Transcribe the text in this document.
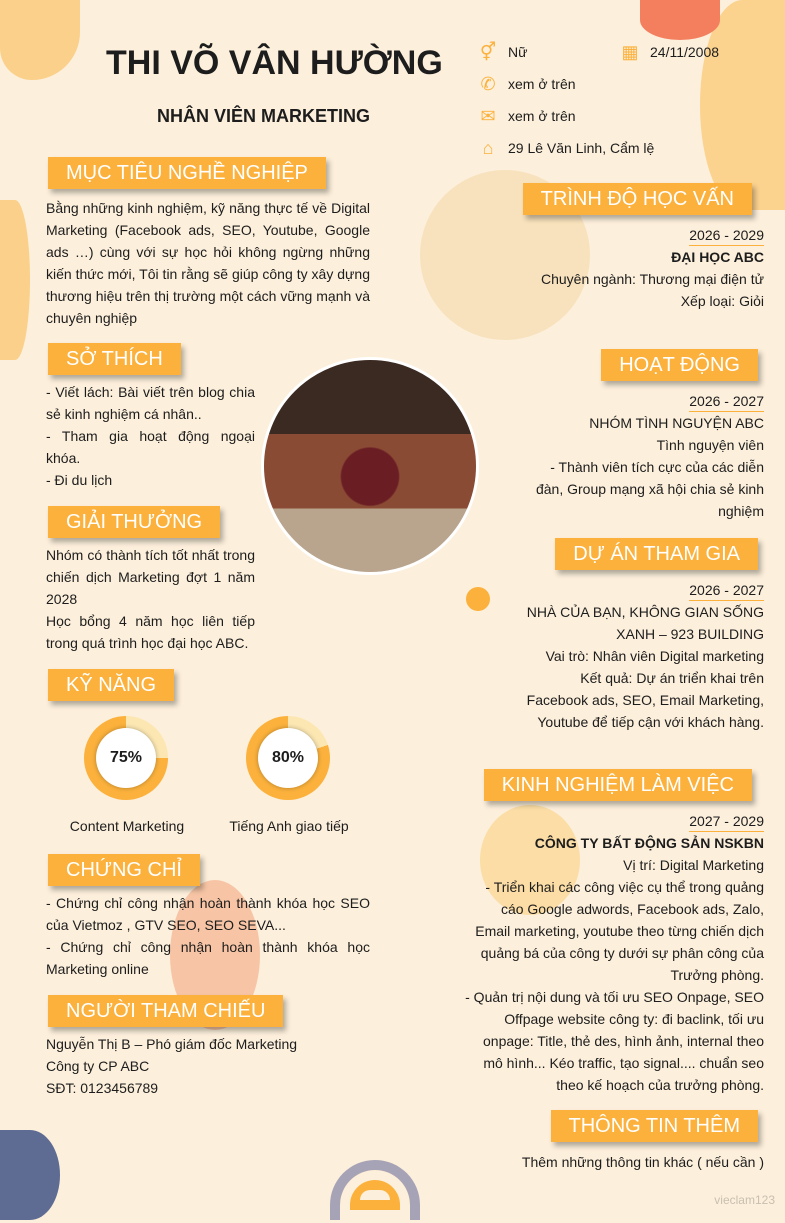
THI VÕ VÂN HƯỜNG
NHÂN VIÊN MARKETING
⚥ Nữ	▦ 24/11/2008
✆ xem ở trên
✉ xem ở trên
⌂	29 Lê Văn Linh, Cẩm lệ
MỤC TIÊU NGHỀ NGHIỆP
Bằng những kinh nghiệm, kỹ năng thực tế về Digital Marketing (Facebook ads, SEO, Youtube, Google ads …) cùng với sự học hỏi không ngừng những kiến thức mới, Tôi tin rằng sẽ giúp công ty xây dựng thương hiệu trên thị trường một cách vững mạnh và chuyên nghiệp
SỞ THÍCH
- Viết lách: Bài viết trên blog chia sẻ kinh nghiệm cá nhân..
- Tham gia hoạt động ngoại khóa.
- Đi du lịch
GIẢI THƯỞNG
Nhóm có thành tích tốt nhất trong chiến dịch Marketing đợt 1 năm 2028
Học bổng 4 năm học liên tiếp trong quá trình học đại học ABC.
KỸ NĂNG
75%	80%
Content Marketing	Tiếng Anh giao tiếp
CHỨNG CHỈ
- Chứng chỉ công nhận hoàn thành khóa học SEO của Vietmoz , GTV SEO, SEO SEVA...
- Chứng chỉ công nhận hoàn thành khóa học Marketing online
NGƯỜI THAM CHIẾU
Nguyễn Thị B – Phó giám đốc Marketing
Công ty CP ABC
SĐT: 0123456789
TRÌNH ĐỘ HỌC VẤN
2026 - 2029
ĐẠI HỌC ABC
Chuyên ngành: Thương mại điện tử
Xếp loại: Giỏi
HOẠT ĐỘNG
2026 - 2027
NHÓM TÌNH NGUYỆN ABC
Tình nguyện viên
- Thành viên tích cực của các diễn đàn, Group mạng xã hội chia sẻ kinh nghiệm
DỰ ÁN THAM GIA
2026 - 2027
NHÀ CỦA BẠN, KHÔNG GIAN SỐNG XANH – 923 BUILDING
Vai trò: Nhân viên Digital marketing
Kết quả: Dự án triển khai trên Facebook ads, SEO, Email Marketing, Youtube để tiếp cận với khách hàng.
KINH NGHIỆM LÀM VIỆC
2027 - 2029
CÔNG TY BẤT ĐỘNG SẢN NSKBN
Vị trí: Digital Marketing
- Triển khai các công việc cụ thể trong quảng cáo Google adwords, Facebook ads, Zalo, Email marketing, youtube theo từng chiến dịch quảng bá của công ty dưới sự phân công của Trưởng phòng.
- Quản trị nội dung và tối ưu SEO Onpage, SEO Offpage website công ty: đi baclink, tối ưu onpage: Title, thẻ des, hình ảnh, internal theo mô hình... Kéo traffic, tạo signal.... chuẩn seo theo kế hoạch của trưởng phòng.
THÔNG TIN THÊM
Thêm những thông tin khác ( nếu cần )
vieclam123
